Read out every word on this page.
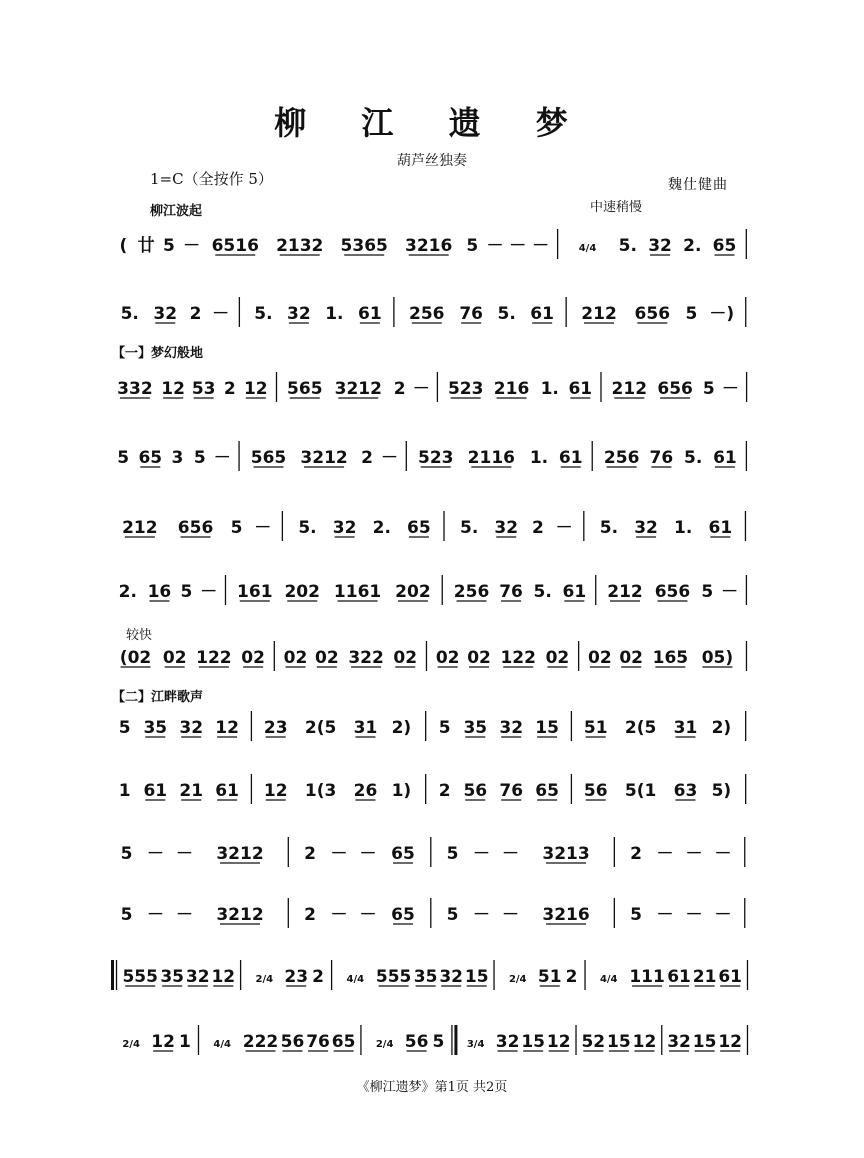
柳 江 遗 梦
葫芦丝独奏
1=C（全按作 5）	魏仕健曲
柳江波起	中速稍慢
【一】梦幻般地
较快
【二】江畔歌声
( 廿 5 － 6516 2132 5365 3216 5 － － －	4/4 5. 32 2. 65
5. 32 2 － 5. 32 1. 61 256 76 5. 61 212 656 5 －)
332 12 53 2 12 565 3212 2 － 523 216 1. 61 212 656 5 －
5 65 3 5 － 565 3212 2 － 523 2116 1. 61 256 76 5. 61
212 656 5 － 5. 32 2. 65 5. 32 2 － 5. 32 1. 61
2. 16 5 － 161 202 1161 202 256 76 5. 61 212 656 5 －
(02 02 122 02 02 02 322 02 02 02 122 02 02 02 165 05)
5 35 32 12 23 2(5 31 2) 5 35 32 15 51 2(5 31 2)
1 61 21 61 12 1(3 26 1) 2 56 76 65 56 5(1 63 5)
5 － － 3212 2 － － 65 5 － － 3213 2 － － －
5 － － 3212 2 － － 65 5 － － 3216 5 － － －
555 35 32 12 2/4 23 2 4/4 555 35 32 15 2/4 51 2 4/4 111 61 21 61
2/4 12 1 4/4 222 56 76 65 2/4 56 5 3/4 32 15 12 52 15 12 32 15 12
《柳江遗梦》第1页 共2页
